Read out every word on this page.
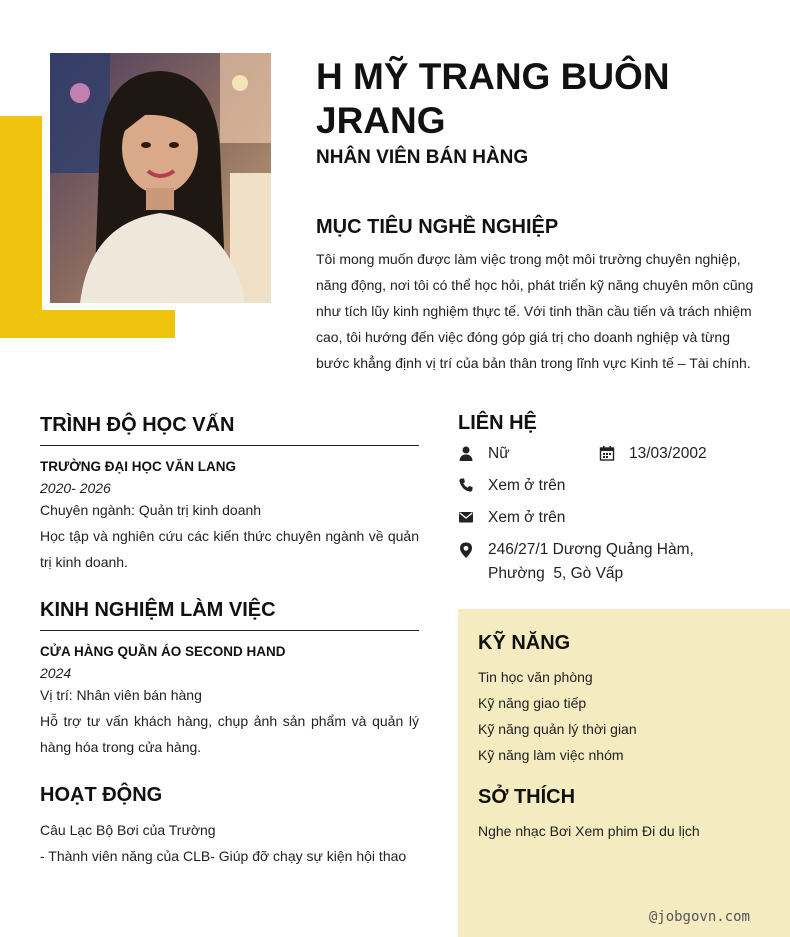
H MỸ TRANG BUÔN JRANG
NHÂN VIÊN BÁN HÀNG
MỤC TIÊU NGHỀ NGHIỆP
Tôi mong muốn được làm việc trong một môi trường chuyên nghiệp, năng động, nơi tôi có thể học hỏi, phát triển kỹ năng chuyên môn cũng như tích lũy kinh nghiệm thực tế. Với tinh thần cầu tiến và trách nhiệm cao, tôi hướng đến việc đóng góp giá trị cho doanh nghiệp và từng bước khẳng định vị trí của bản thân trong lĩnh vực Kinh tế – Tài chính.
TRÌNH ĐỘ HỌC VẤN
TRƯỜNG ĐẠI HỌC VĂN LANG
2020- 2026
Chuyên ngành: Quản trị kinh doanh
Học tập và nghiên cứu các kiến thức chuyên ngành về quản trị kinh doanh.
KINH NGHIỆM LÀM VIỆC
CỬA HÀNG QUẦN ÁO SECOND HAND
2024
Vị trí: Nhân viên bán hàng
Hỗ trợ tư vấn khách hàng, chụp ảnh sản phẩm và quản lý hàng hóa trong cửa hàng.
HOẠT ĐỘNG
Câu Lạc Bộ Bơi của Trường
- Thành viên năng của CLB- Giúp đỡ chạy sự kiện hội thao
LIÊN HỆ
Nữ	13/03/2002
Xem ở trên
Xem ở trên
246/27/1 Dương Quảng Hàm,
Phường  5, Gò Vấp
KỸ NĂNG
Tin học văn phòng
Kỹ năng giao tiếp
Kỹ năng quản lý thời gian
Kỹ năng làm việc nhóm
SỞ THÍCH
Nghe nhạc Bơi Xem phim Đi du lịch
@jobgovn.com
